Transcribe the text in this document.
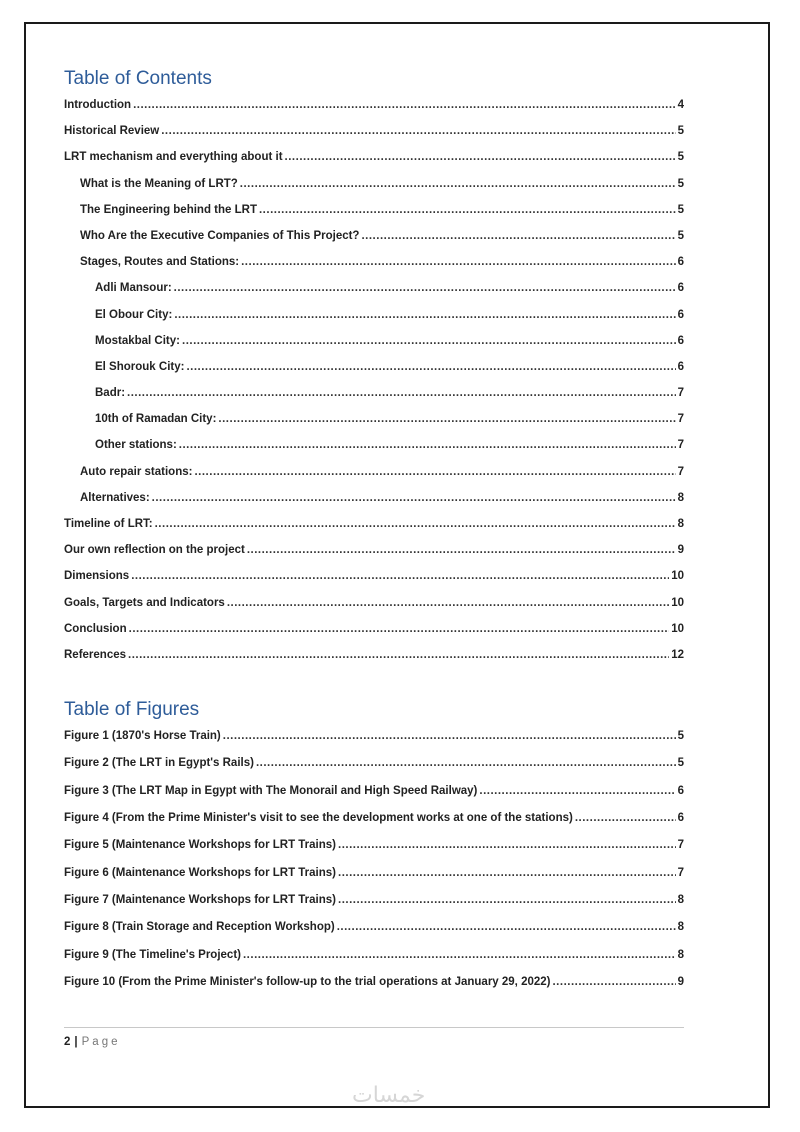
Table of Contents
Introduction .....	4
Historical Review .....	5
LRT mechanism and everything about it .....	5
What is the Meaning of LRT? .....	5
The Engineering behind the LRT .....	5
Who Are the Executive Companies of This Project? .....	5
Stages, Routes and Stations: .....	6
Adli Mansour: .....	6
El Obour City: .....	6
Mostakbal City: .....	6
El Shorouk City: .....	6
Badr: .....	7
10th of Ramadan City: .....	7
Other stations: .....	7
Auto repair stations: .....	7
Alternatives: .....	8
Timeline of LRT: .....	8
Our own reflection on the project .....	9
Dimensions .....	10
Goals, Targets and Indicators .....	10
Conclusion .....	10
References .....	12
Table of Figures
Figure 1 (1870's Horse Train) .....	5
Figure 2 (The LRT in Egypt's Rails) .....	5
Figure 3 (The LRT Map in Egypt with The Monorail and High Speed Railway) .....	6
Figure 4 (From the Prime Minister's visit to see the development works at one of the stations) .....	6
Figure 5 (Maintenance Workshops for LRT Trains) .....	7
Figure 6 (Maintenance Workshops for LRT Trains) .....	7
Figure 7 (Maintenance Workshops for LRT Trains) .....	8
Figure 8 (Train Storage and Reception Workshop) .....	8
Figure 9 (The Timeline's Project) .....	8
Figure 10 (From the Prime Minister's follow-up to the trial operations at January 29, 2022) .....	9
2 | Page
خمسات
